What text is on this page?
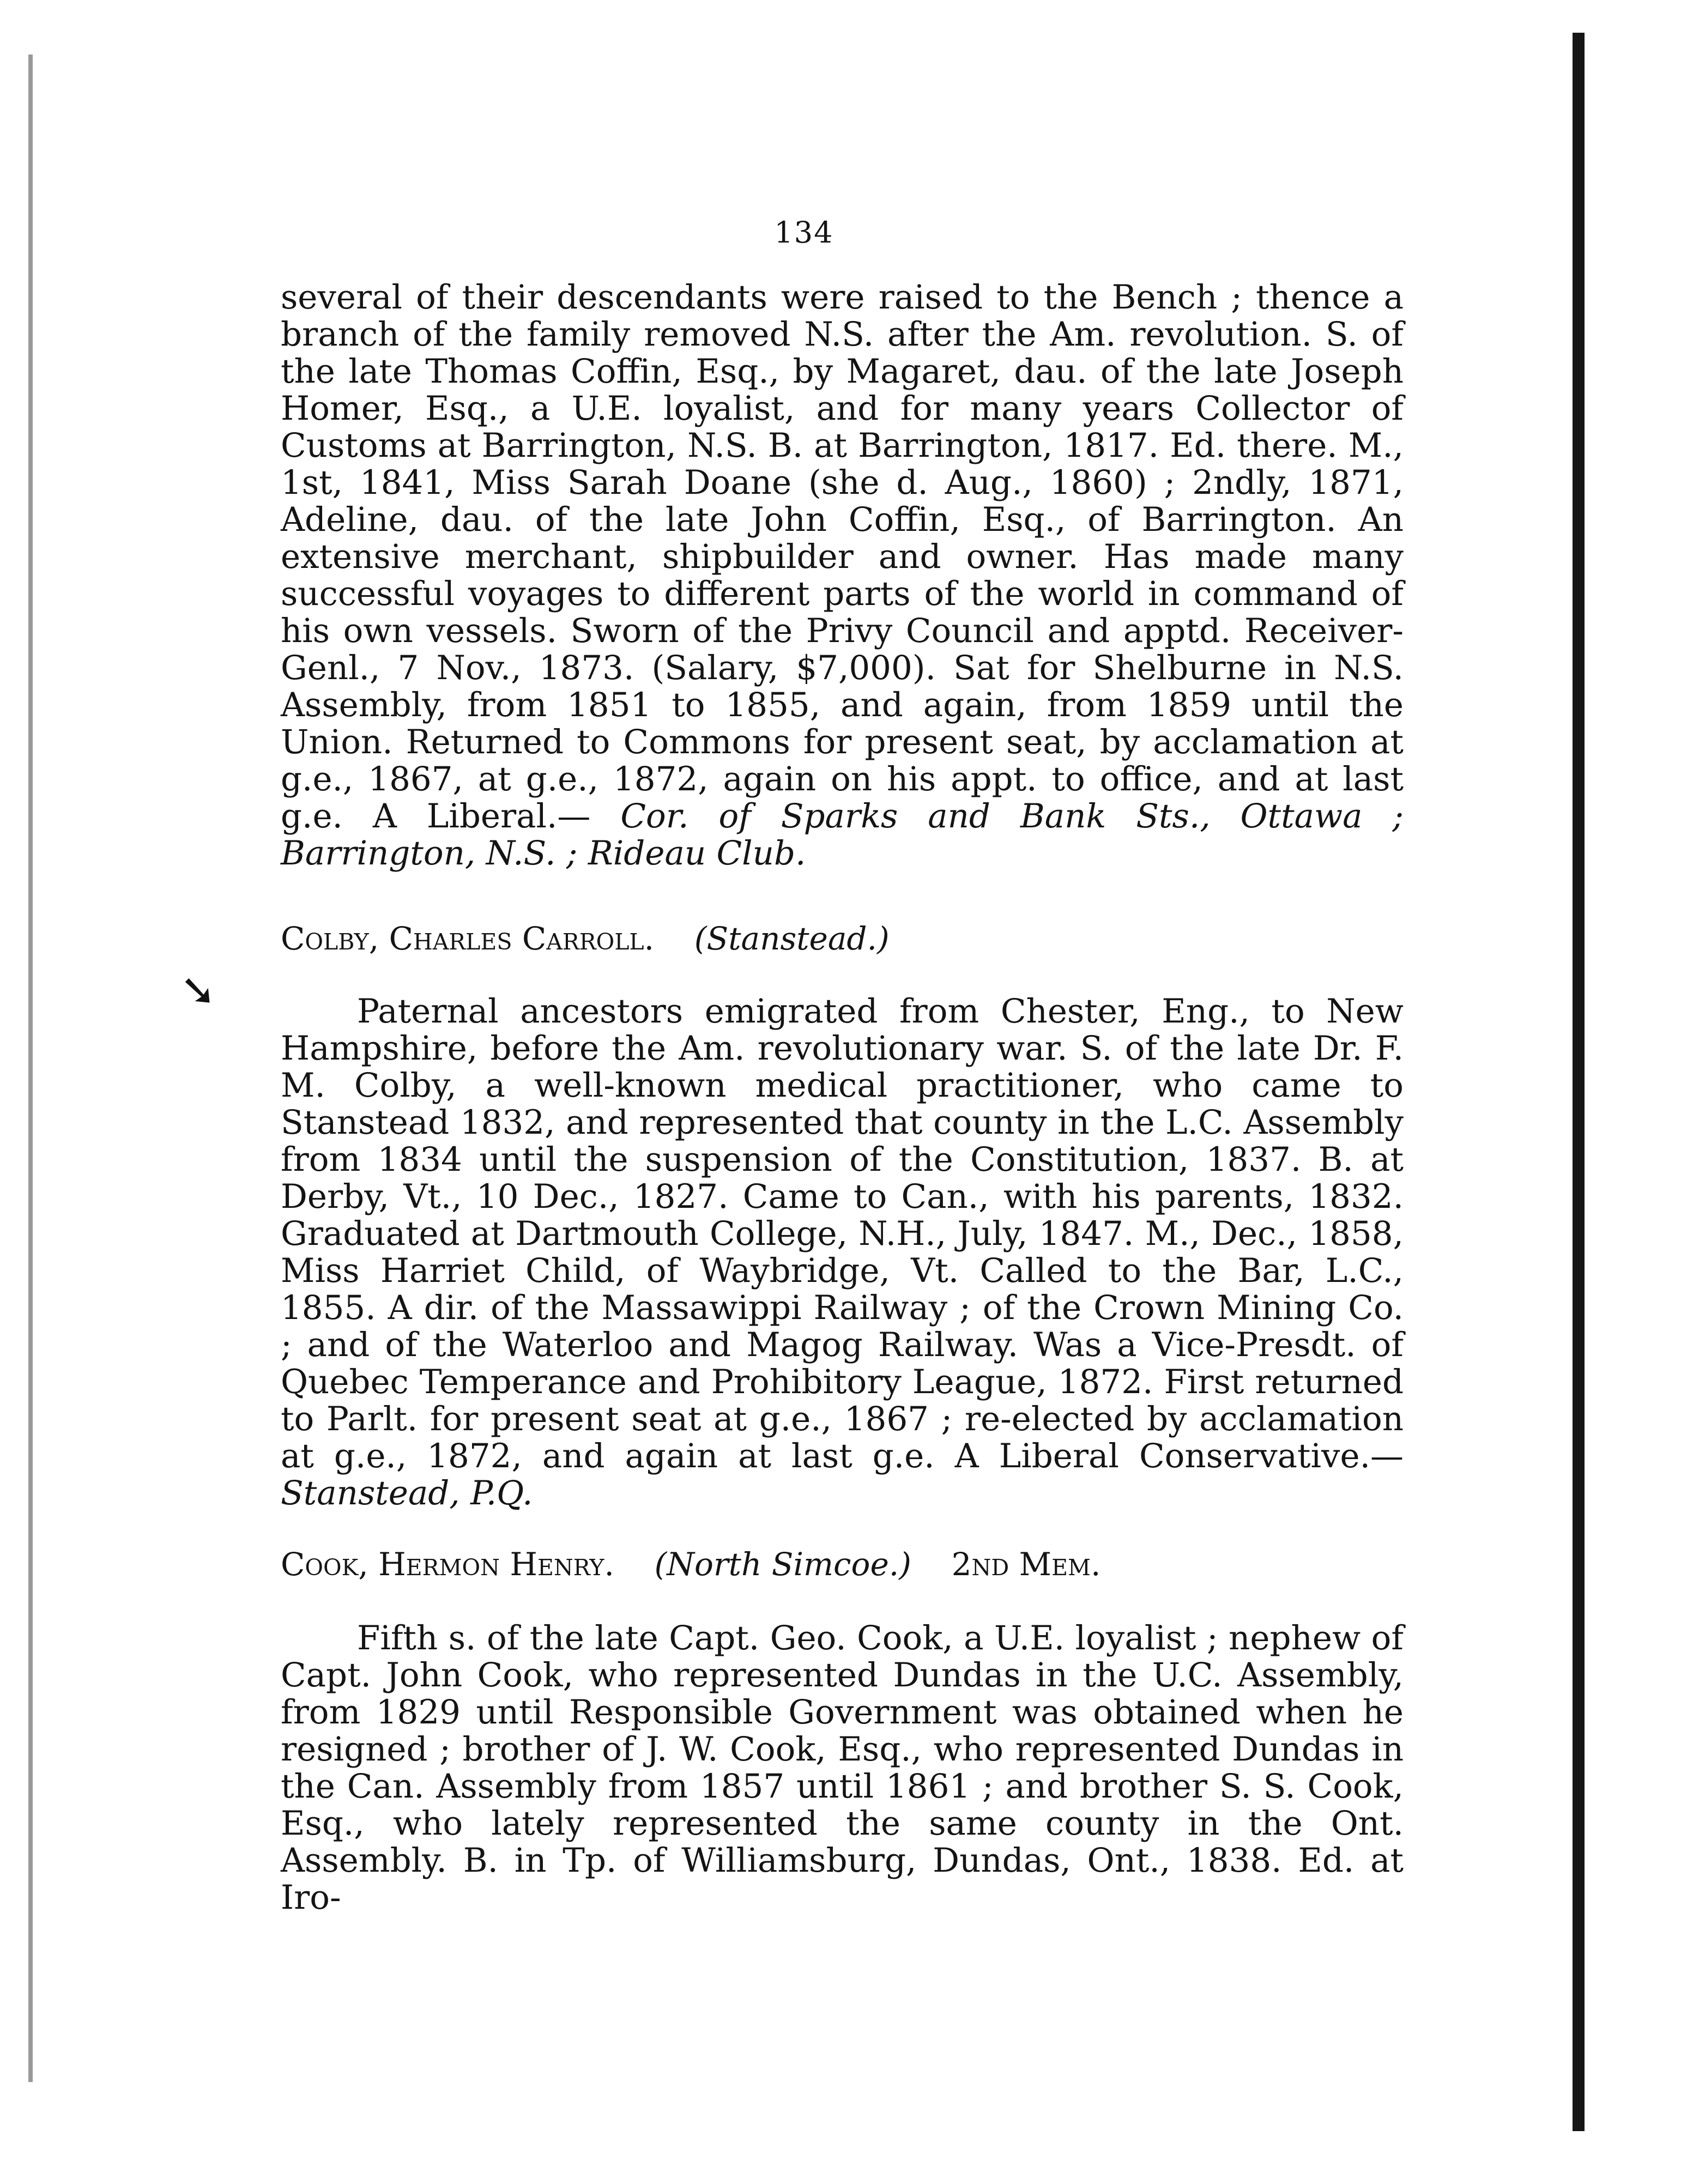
134

several of their descendants were raised to the Bench ; thence a branch of the family removed N.S. after the Am. revolution. S. of the late Thomas Coffin, Esq., by Magaret, dau. of the late Joseph Homer, Esq., a U.E. loyalist, and for many years Collector of Customs at Barrington, N.S. B. at Barrington, 1817. Ed. there. M., 1st, 1841, Miss Sarah Doane (she d. Aug., 1860) ; 2ndly, 1871, Adeline, dau. of the late John Coffin, Esq., of Barrington. An extensive merchant, shipbuilder and owner. Has made many successful voyages to different parts of the world in command of his own vessels. Sworn of the Privy Council and apptd. Receiver-Genl., 7 Nov., 1873. (Salary, $7,000). Sat for Shelburne in N.S. Assembly, from 1851 to 1855, and again, from 1859 until the Union. Returned to Commons for present seat, by acclamation at g.e., 1867, at g.e., 1872, again on his appt. to office, and at last g.e. A Liberal.— Cor. of Sparks and Bank Sts., Ottawa ; Barrington, N.S. ; Rideau Club.

Colby, Charles Carroll. (Stanstead.)
➘	Paternal ancestors emigrated from Chester, Eng., to New Hampshire, before the Am. revolutionary war. S. of the late Dr. F. M. Colby, a well-known medical practitioner, who came to Stanstead 1832, and represented that county in the L.C. Assembly from 1834 until the suspension of the Constitution, 1837. B. at Derby, Vt., 10 Dec., 1827. Came to Can., with his parents, 1832. Graduated at Dartmouth College, N.H., July, 1847. M., Dec., 1858, Miss Harriet Child, of Waybridge, Vt. Called to the Bar, L.C., 1855. A dir. of the Massawippi Railway ; of the Crown Mining Co. ; and of the Waterloo and Magog Railway. Was a Vice-Presdt. of Quebec Temperance and Prohibitory League, 1872. First returned to Parlt. for present seat at g.e., 1867 ; re-elected by acclamation at g.e., 1872, and again at last g.e. A Liberal Conservative.—Stanstead, P.Q.

Cook, Hermon Henry. (North Simcoe.) 2nd Mem.

Fifth s. of the late Capt. Geo. Cook, a U.E. loyalist ; nephew of Capt. John Cook, who represented Dundas in the U.C. Assembly, from 1829 until Responsible Government was obtained when he resigned ; brother of J. W. Cook, Esq., who represented Dundas in the Can. Assembly from 1857 until 1861 ; and brother S. S. Cook, Esq., who lately represented the same county in the Ont. Assembly. B. in Tp. of Williamsburg, Dundas, Ont., 1838. Ed. at Iro-
